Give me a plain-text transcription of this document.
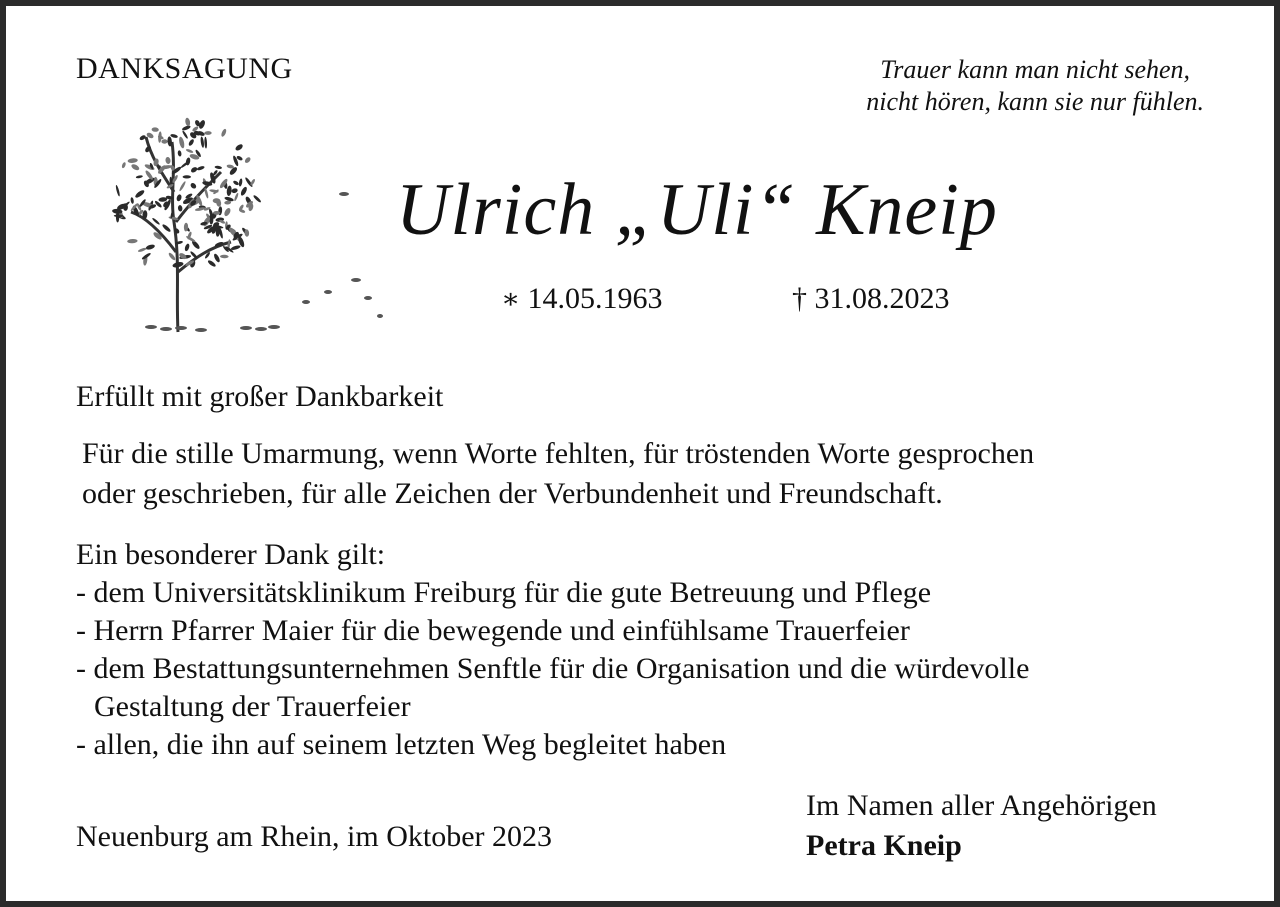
DANKSAGUNG	Trauer kann man nicht sehen,
nicht hören, kann sie nur fühlen.
Ulrich „Uli“ Kneip
∗ 14.05.1963	† 31.08.2023
Erfüllt mit großer Dankbarkeit
Für die stille Umarmung, wenn Worte fehlten, für tröstenden Worte gesprochen
oder geschrieben, für alle Zeichen der Verbundenheit und Freundschaft.
Ein besonderer Dank gilt:
- dem Universitätsklinikum Freiburg für die gute Betreuung und Pflege
- Herrn Pfarrer Maier für die bewegende und einfühlsame Trauerfeier
- dem Bestattungsunternehmen Senftle für die Organisation und die würdevolle
Gestaltung der Trauerfeier
- allen, die ihn auf seinem letzten Weg begleitet haben
Neuenburg am Rhein, im Oktober 2023
Im Namen aller Angehörigen
Petra Kneip
